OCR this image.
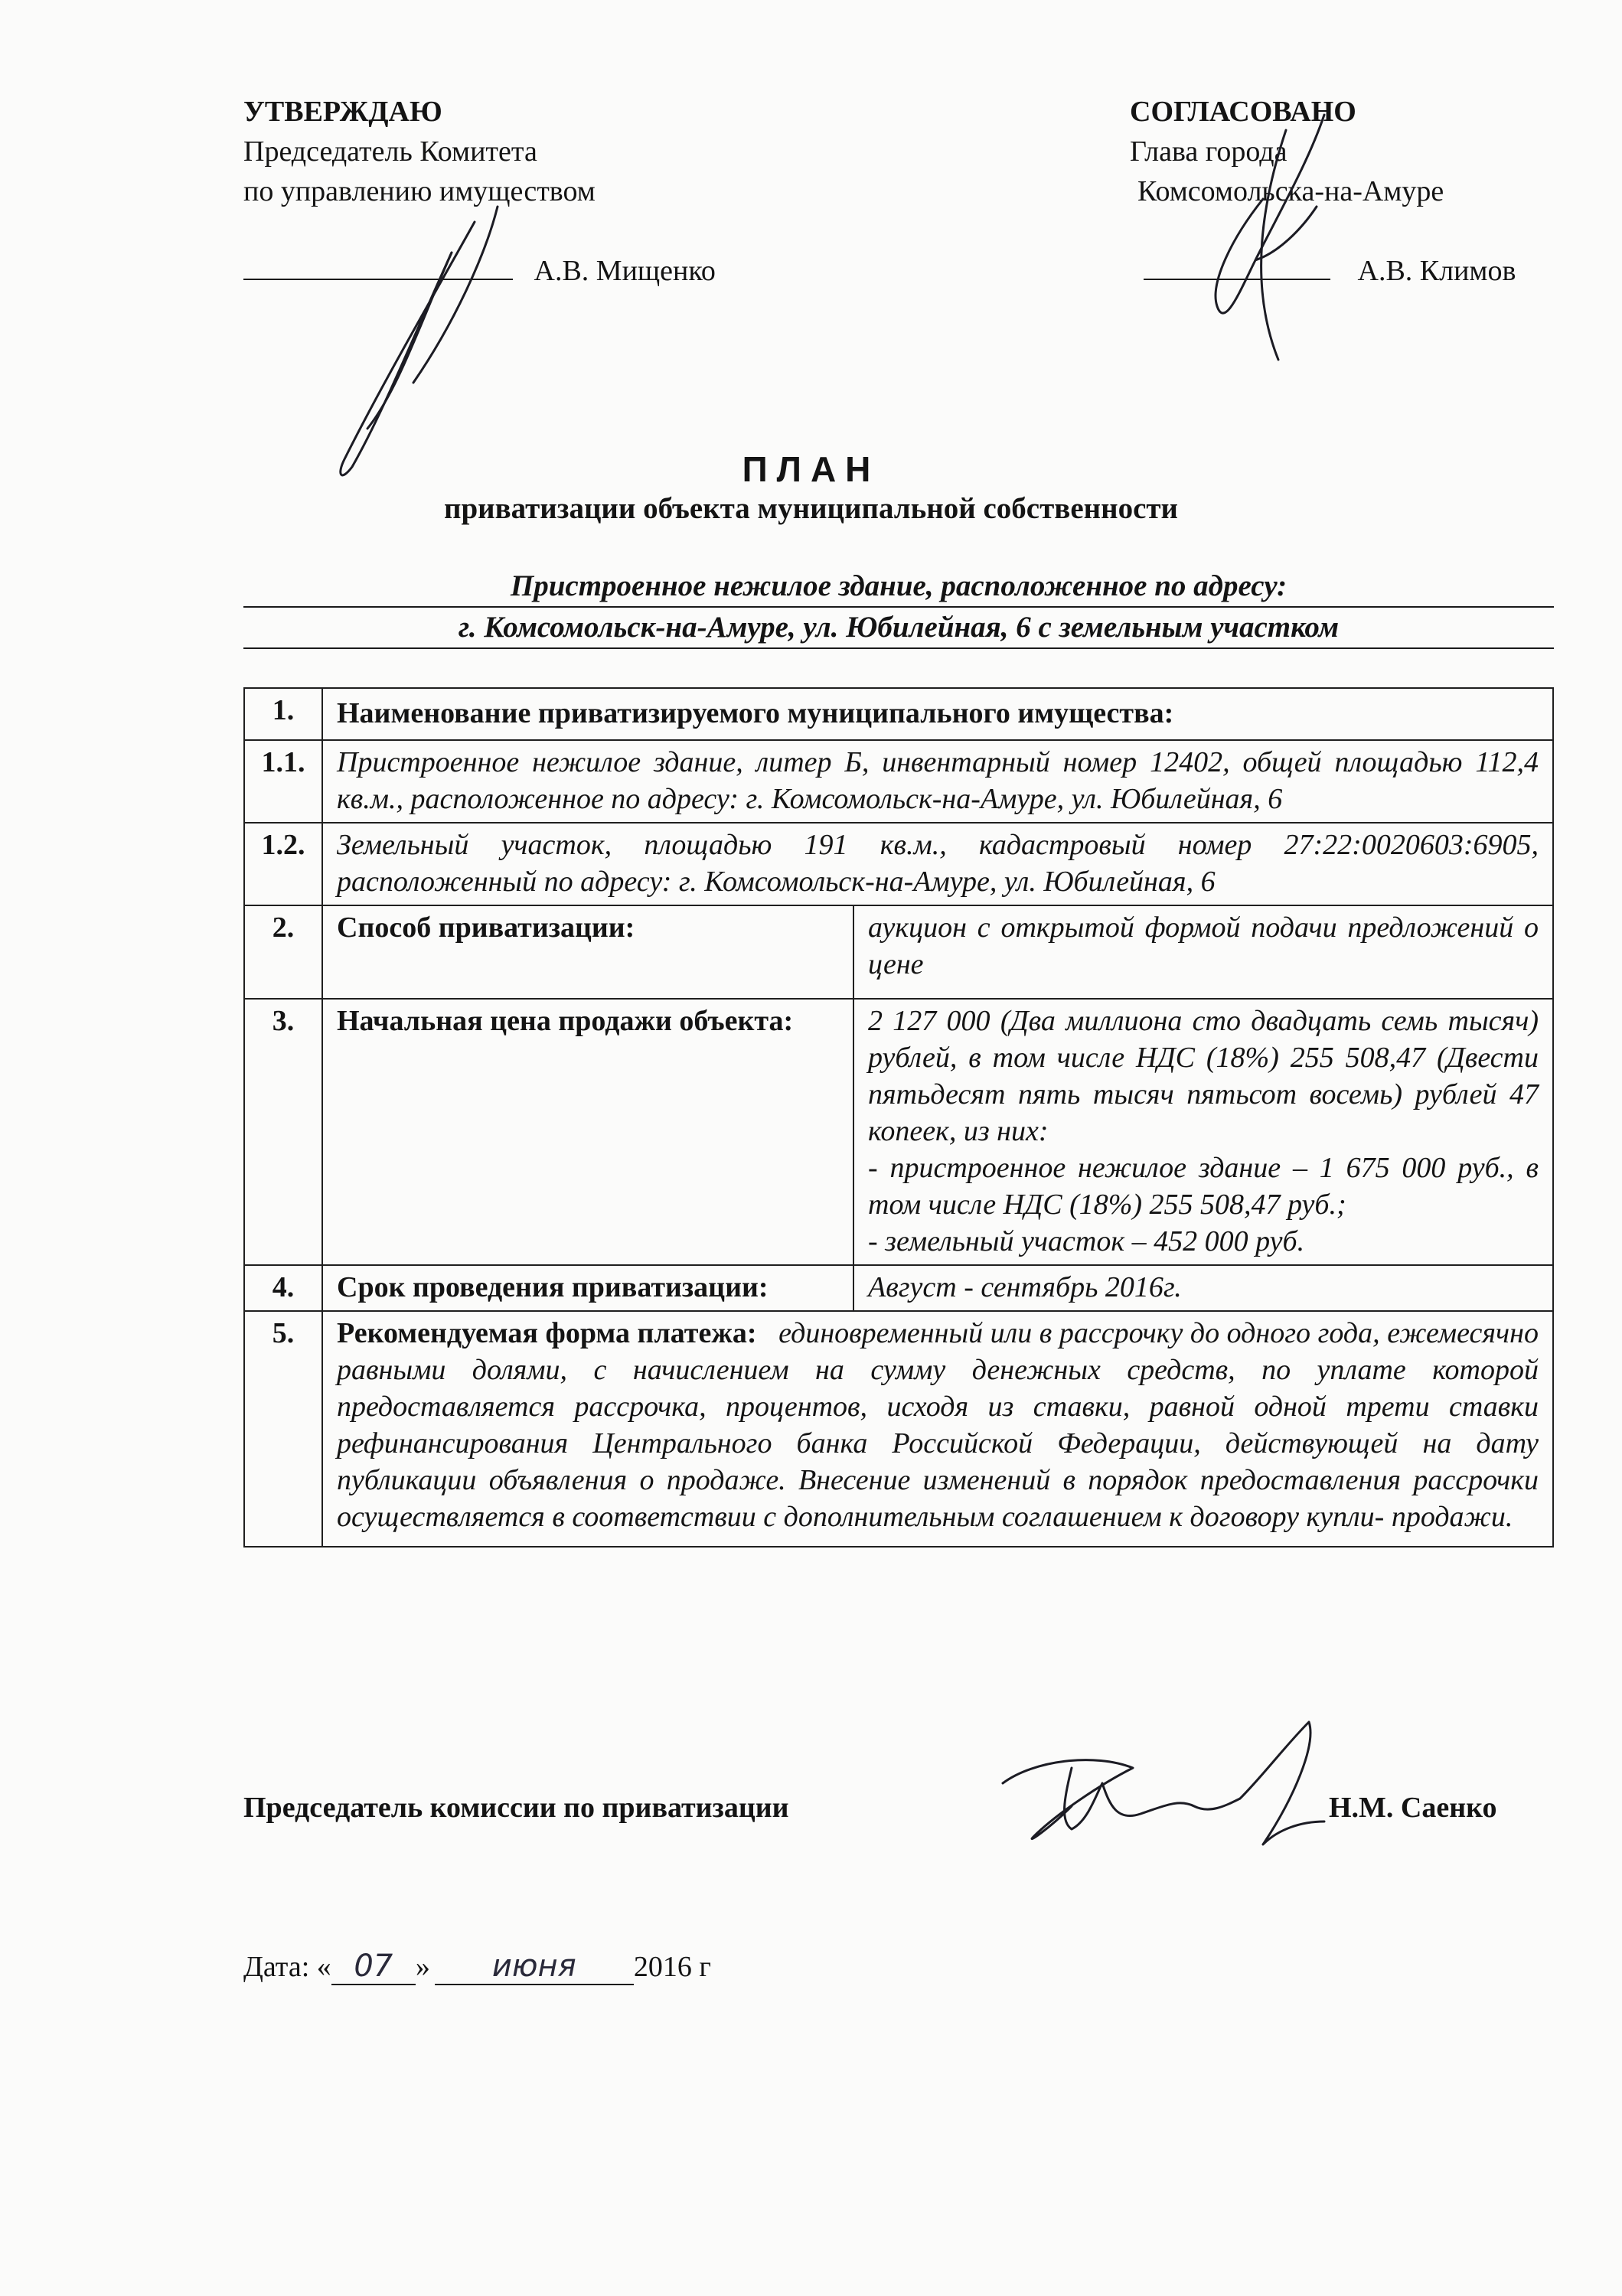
УТВЕРЖДАЮ
Председатель Комитета
по управлению имуществом
А.В. Мищенко
СОГЛАСОВАНО
Глава города
Комсомольска-на-Амуре
А.В. Климов
ПЛАН
приватизации объекта муниципальной собственности
Пристроенное нежилое здание, расположенное по адресу:
г. Комсомольск-на-Амуре, ул. Юбилейная, 6 с земельным участком
1.	Наименование приватизируемого муниципального имущества:	
1.1.	Пристроенное нежилое здание, литер Б, инвентарный номер 12402, общей площадью 112,4 кв.м., расположенное по адресу: г. Комсомольск-на-Амуре, ул. Юбилейная, 6	
1.2.	Земельный участок, площадью 191 кв.м., кадастровый номер 27:22:0020603:6905, расположенный по адресу: г. Комсомольск-на-Амуре, ул. Юбилейная, 6	
2.	Способ приватизации:	аукцион с открытой формой подачи предложений о цене
3.	Начальная цена продажи объекта:	2 127 000 (Два миллиона сто двадцать семь тысяч) рублей, в том числе НДС (18%) 255 508,47 (Двести пятьдесят пять тысяч пятьсот восемь) рублей 47 копеек, из них:
- пристроенное нежилое здание – 1 675 000 руб., в том числе НДС (18%) 255 508,47 руб.;
- земельный участок – 452 000 руб.

4.	Срок проведения приватизации:	Август - сентябрь 2016г.
5.	Рекомендуемая форма платежа: единовременный или в рассрочку до одного года, ежемесячно равными долями, с начислением на сумму денежных средств, по уплате которой предоставляется рассрочка, процентов, исходя из ставки, равной одной трети ставки рефинансирования Центрального банка Российской Федерации, действующей на дату публикации объявления о продаже. Внесение изменений в порядок предоставления рассрочки осуществляется в соответствии с дополнительным соглашением к договору купли- продажи.	
Председатель комиссии по приватизации	Н.М. Саенко
Дата: « 07 » июня 2016 г
